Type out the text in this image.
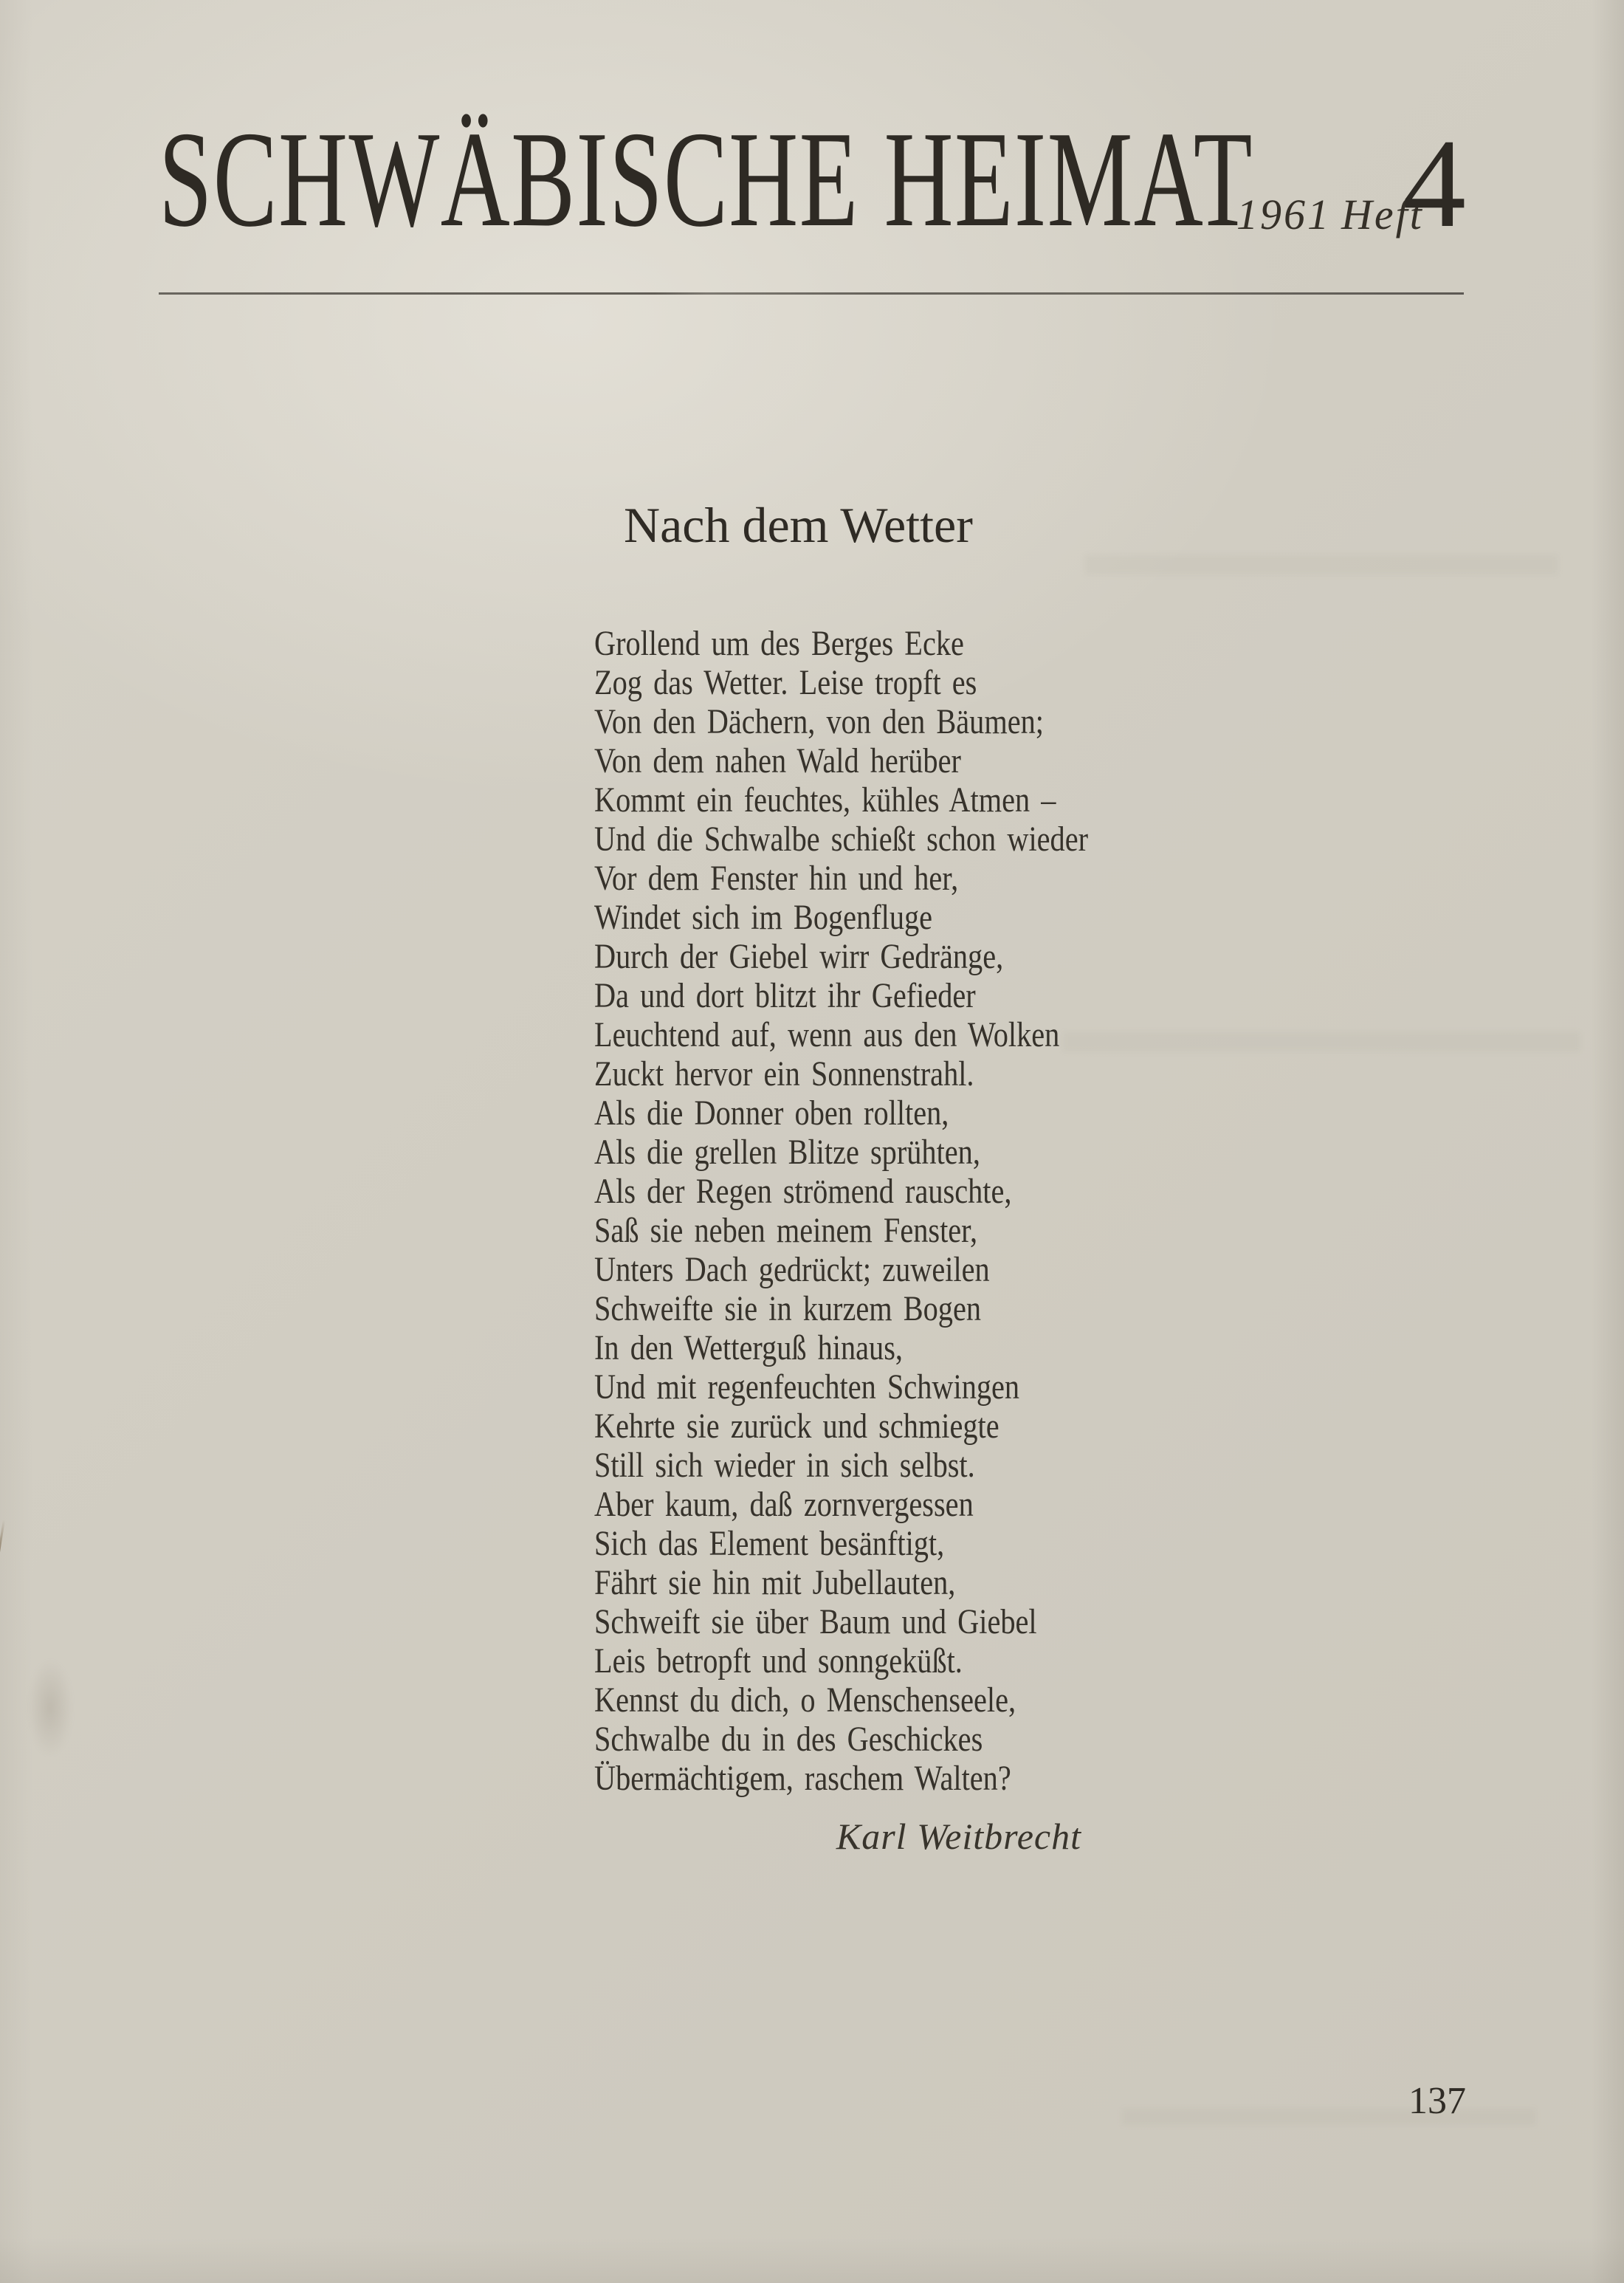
SCHWÄBISCHE HEIMAT
1961 Heft
4
Nach dem Wetter
Grollend um des Berges Ecke
Zog das Wetter. Leise tropft es
Von den Dächern, von den Bäumen;
Von dem nahen Wald herüber
Kommt ein feuchtes, kühles Atmen –
Und die Schwalbe schießt schon wieder
Vor dem Fenster hin und her,
Windet sich im Bogenfluge
Durch der Giebel wirr Gedränge,
Da und dort blitzt ihr Gefieder
Leuchtend auf, wenn aus den Wolken
Zuckt hervor ein Sonnenstrahl.
Als die Donner oben rollten,
Als die grellen Blitze sprühten,
Als der Regen strömend rauschte,
Saß sie neben meinem Fenster,
Unters Dach gedrückt; zuweilen
Schweifte sie in kurzem Bogen
In den Wetterguß hinaus,
Und mit regenfeuchten Schwingen
Kehrte sie zurück und schmiegte
Still sich wieder in sich selbst.
Aber kaum, daß zornvergessen
Sich das Element besänftigt,
Fährt sie hin mit Jubellauten,
Schweift sie über Baum und Giebel
Leis betropft und sonngeküßt.
Kennst du dich, o Menschenseele,
Schwalbe du in des Geschickes
Übermächtigem, raschem Walten?
Karl Weitbrecht
137
